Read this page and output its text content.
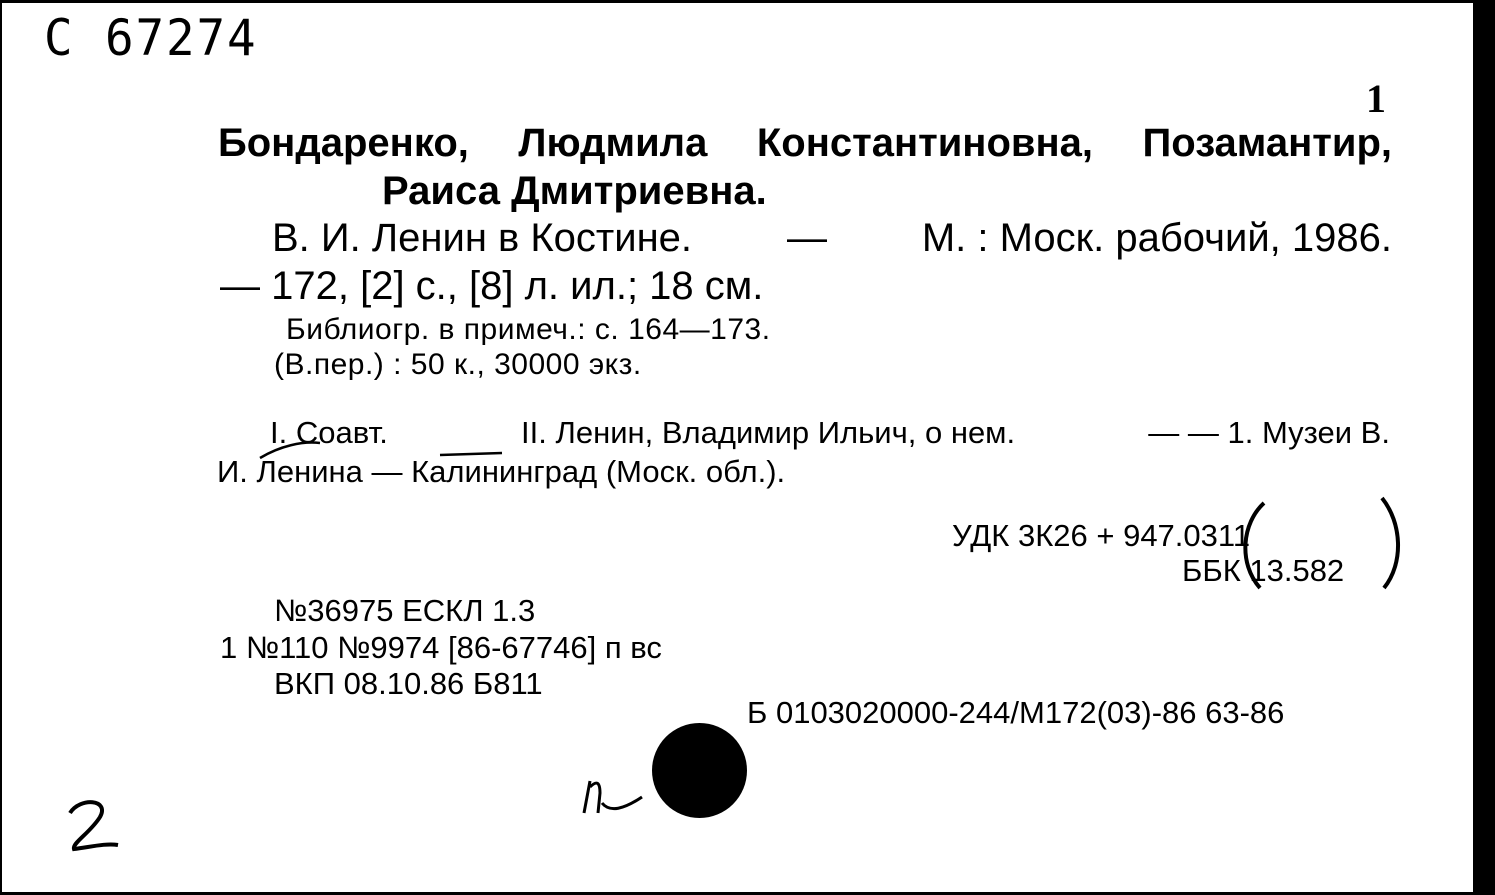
С 67274
1
Бондаренко, Людмила Константиновна, Позамантир,
Раиса Дмитриевна.
В. И. Ленин в Костине. — М. : Моск. рабочий, 1986.
— 172, [2] с., [8] л. ил.; 18 см.
Библиогр. в примеч.: с. 164—173.
(В.пер.) : 50 к., 30000 экз.
I. Соавт.	II. Ленин, Владимир Ильич, о нем.	— — 1. Музеи В.
И. Ленина — Калининград (Моск. обл.).
УДК 3К26 + 947.0311
ББК 13.582
№36975 ЕСКЛ 1.3
1 №110 №9974 [86-67746] п вс
ВКП 08.10.86 Б811
Б 0103020000-244/М172(03)-86 63-86
